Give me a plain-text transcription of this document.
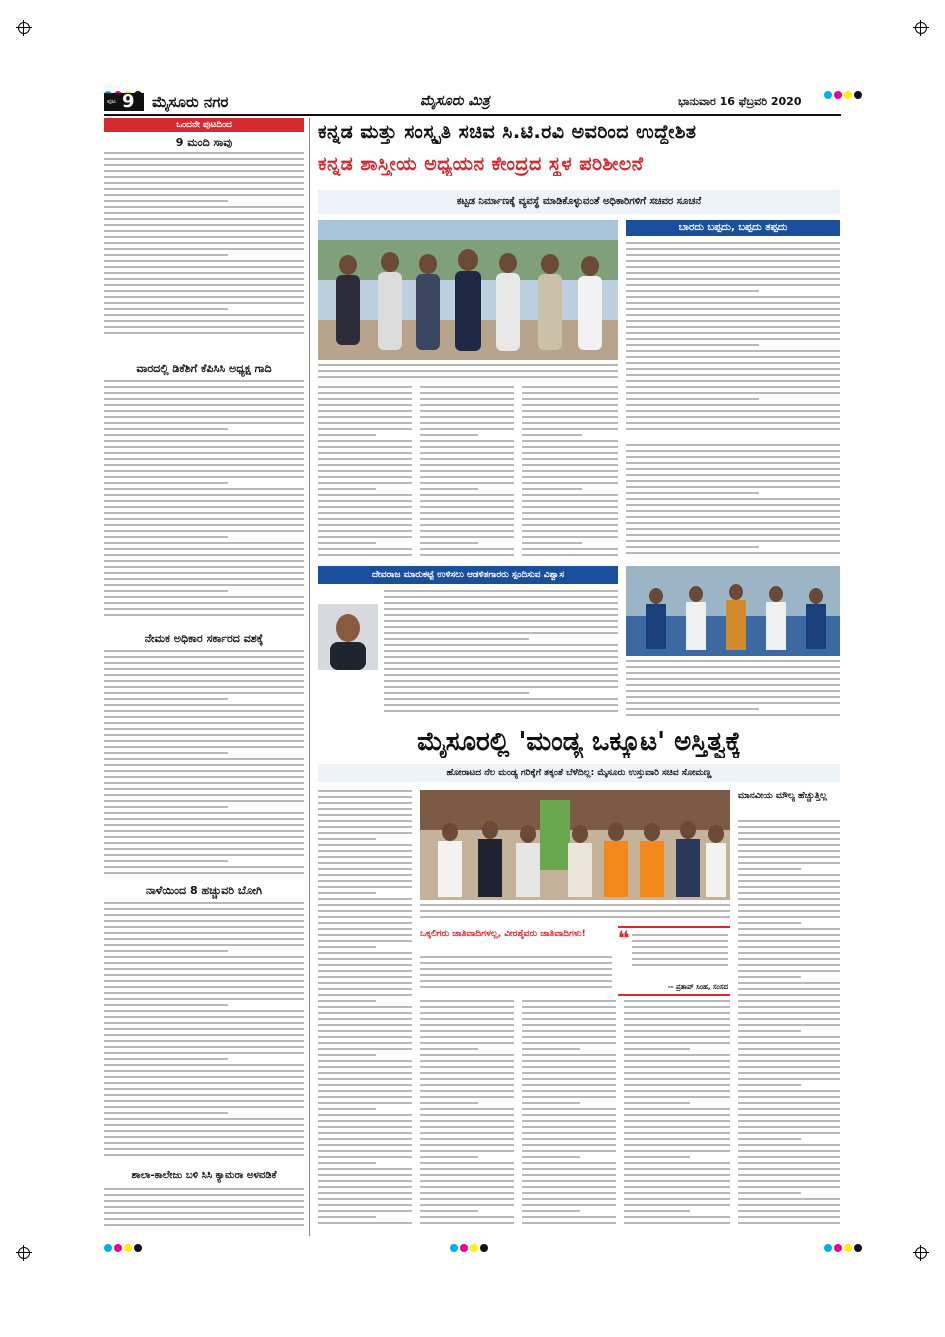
ಪುಟ 9 ಮೈಸೂರು ನಗರ	ಮೈಸೂರು ಮಿತ್ರ	ಭಾನುವಾರ 16 ಫೆಬ್ರವರಿ 2020
ಒಂದನೇ ಪುಟದಿಂದ
9 ಮಂದಿ ಸಾವು
ವಾರದಲ್ಲಿ ಡಿಕೆಶಿಗೆ ಕೆಪಿಸಿಸಿ ಅಧ್ಯಕ್ಷ ಗಾದಿ
ನೇಮಕ ಅಧಿಕಾರ ಸರ್ಕಾರದ ವಶಕ್ಕೆ
ನಾಳೆಯಿಂದ 8 ಹಚ್ಚುವರಿ ಬೋಗಿ
ಶಾಲಾ-ಕಾಲೇಜು ಬಳಿ ಸಿಸಿ ಕ್ಯಾಮರಾ ಅಳವಡಿಕೆ
ಕನ್ನಡ ಮತ್ತು ಸಂಸ್ಕೃತಿ ಸಚಿವ ಸಿ.ಟಿ.ರವಿ ಅವರಿಂದ ಉದ್ದೇಶಿತ
ಕನ್ನಡ ಶಾಸ್ತ್ರೀಯ ಅಧ್ಯಯನ ಕೇಂದ್ರದ ಸ್ಥಳ ಪರಿಶೀಲನೆ
ಕಟ್ಟಡ ನಿರ್ಮಾಣಕ್ಕೆ ವ್ಯವಸ್ಥೆ ಮಾಡಿಕೊಳ್ಳುವಂತೆ ಅಧಿಕಾರಿಗಳಿಗೆ ಸಚಿವರ ಸೂಚನೆ
ಬಾರದು ಬಪ್ಪದು, ಬಪ್ಪದು ತಪ್ಪದು
ದೇವರಾಜ ಮಾರುಕಟ್ಟೆ ಉಳಿಸಲು ಆಡಳಿತಗಾರರು ಸ್ಪಂದಿಸುವ ವಿಶ್ವಾಸ
ಮೈಸೂರಲ್ಲಿ 'ಮಂಡ್ಯ ಒಕ್ಕೂಟ' ಅಸ್ತಿತ್ವಕ್ಕೆ
ಹೋರಾಟದ ನೆಲ ಮಂಡ್ಯ ಗರಿಕ್ಕೆಗೆ ತಕ್ಕಂತೆ ಬೆಳೆದಿಲ್ಲ: ಮೈಸೂರು ಉಸ್ತುವಾರಿ ಸಚಿವ ಸೋಮಣ್ಣ
ಒಕ್ಕಲಿಗರು ಜಾತಿವಾದಿಗಳಲ್ಲ, ವೀರಶೈವರು ಜಾತಿವಾದಿಗಳು!	❝
-- ಪ್ರತಾಪ್ ಸಿಂಹ, ಸಂಸದ
ಮಾನವೀಯ ಮೌಲ್ಯ ಹೆಚ್ಚುತ್ತಿಲ್ಲ
